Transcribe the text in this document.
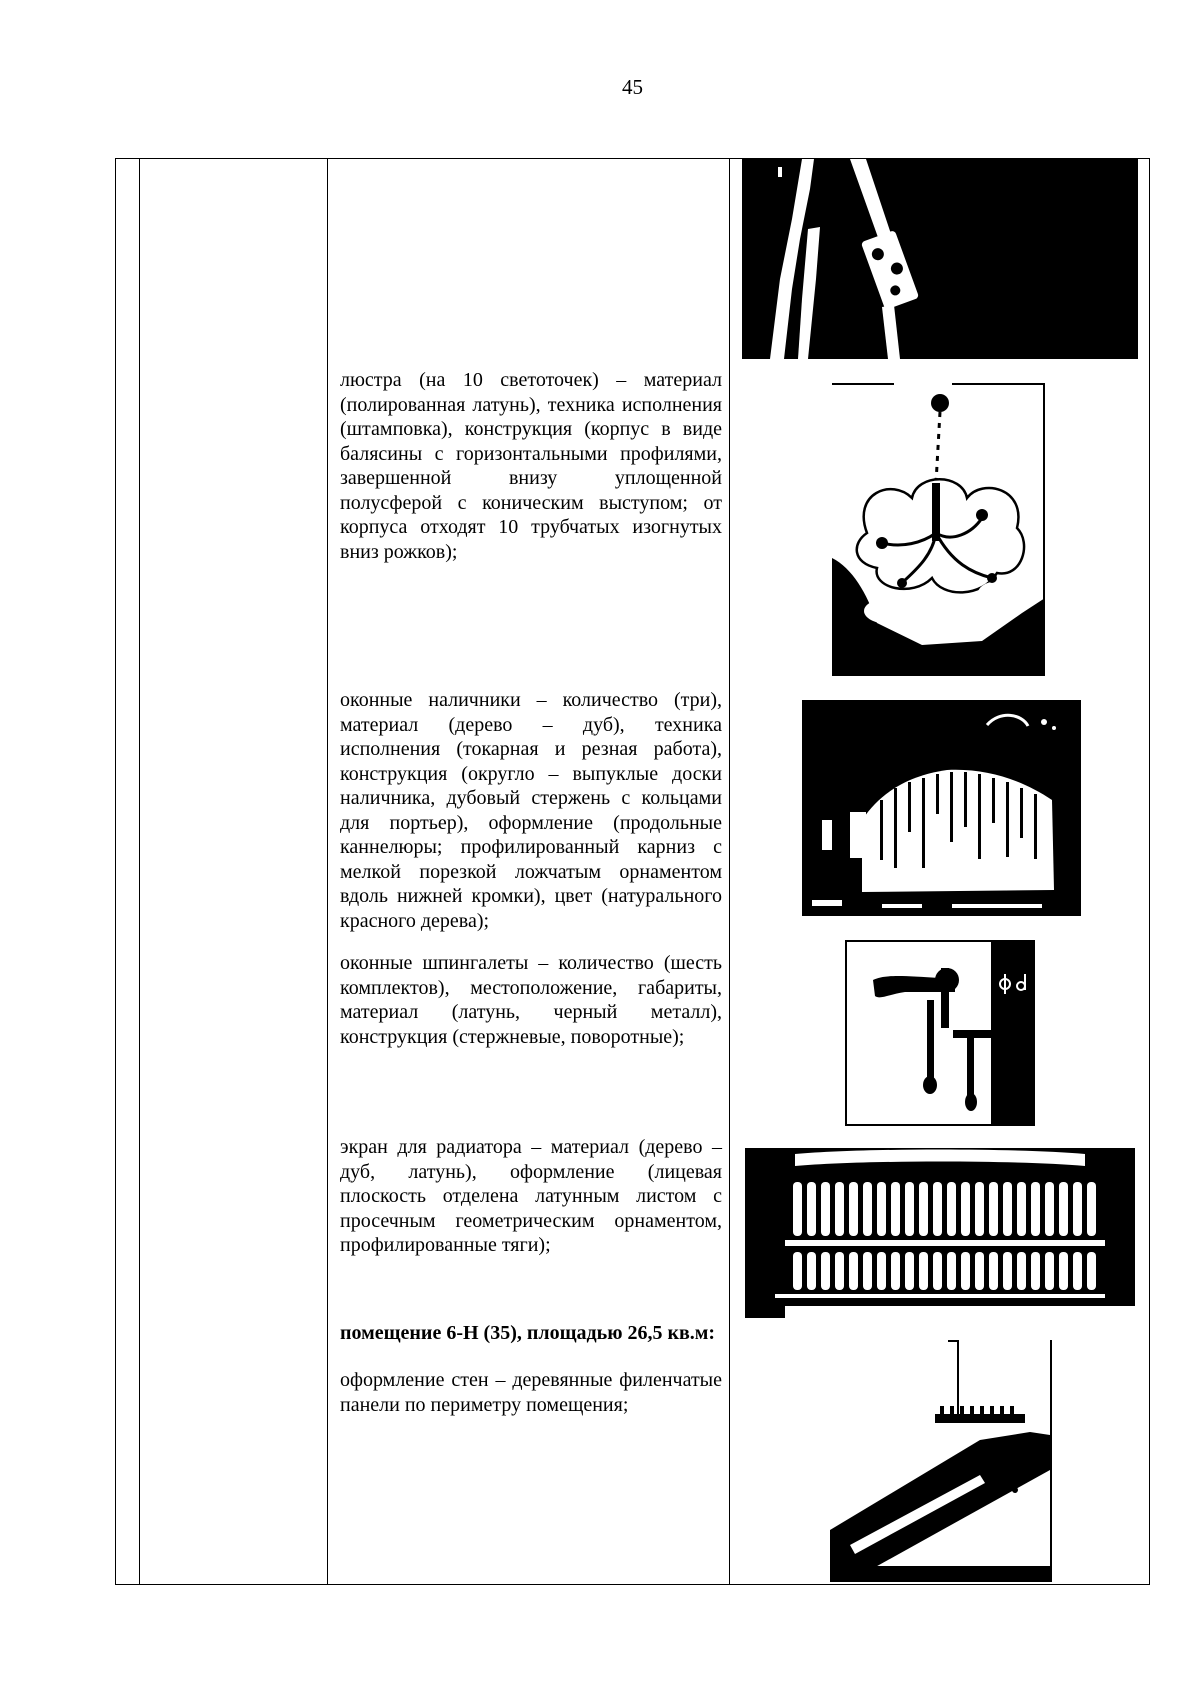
45
люстра (на 10 светоточек) – материал (полированная латунь), техника исполнения (штамповка), конструкция (корпус в виде балясины с горизонтальными профилями, завершенной внизу уплощенной полусферой с коническим выступом; от корпуса отходят 10 трубчатых изогнутых вниз рожков);
оконные наличники – количество (три), материал (дерево – дуб), техника исполнения (токарная и резная работа), конструкция (округло – выпуклые доски наличника, дубовый стержень с кольцами для портьер), оформление (продольные каннелюры; профилированный карниз с мелкой порезкой ложчатым орнаментом вдоль нижней кромки), цвет (натурального красного дерева);
оконные шпингалеты – количество (шесть комплектов), местоположение, габариты, материал (латунь, черный металл), конструкция (стержневые, поворотные);
экран для радиатора – материал (дерево – дуб, латунь), оформление (лицевая плоскость отделена латунным листом с просечным геометрическим орнаментом, профилированные тяги);
помещение 6-Н (35), площадью 26,5 кв.м:
оформление стен – деревянные филенчатые панели по периметру помещения;
